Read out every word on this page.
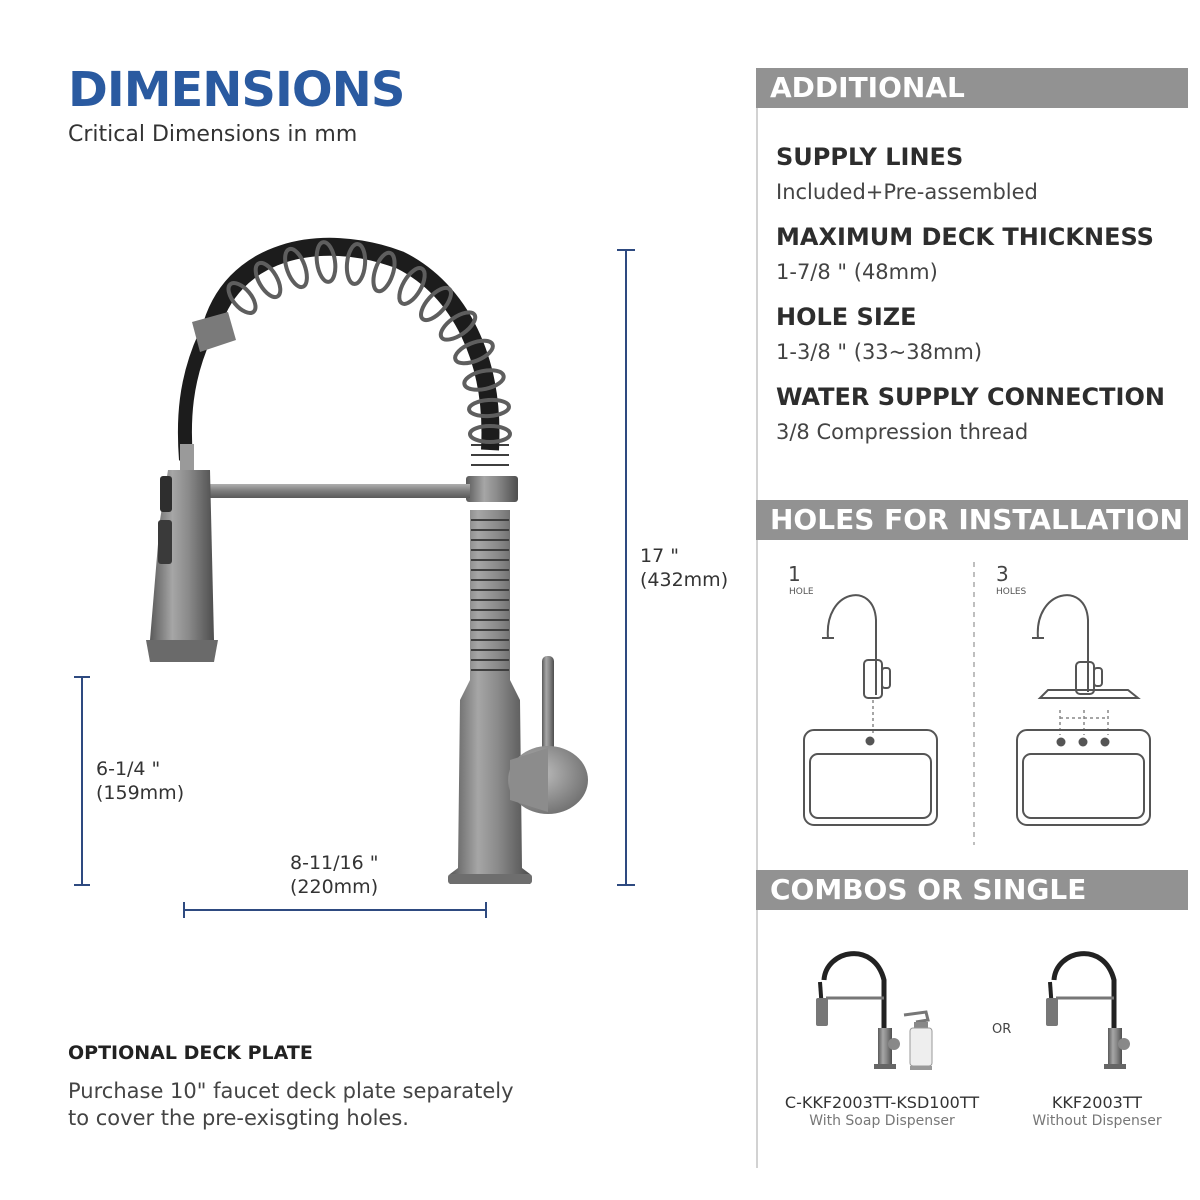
DIMENSIONS
Critical Dimensions in mm
17 "
(432mm)
6-1/4 "
(159mm)
8-11/16 "
(220mm)
OPTIONAL DECK PLATE
Purchase 10" faucet deck plate separately
to cover the pre-exisgting holes.
ADDITIONAL INFORMATION
SUPPLY LINES
Included+Pre-assembled
MAXIMUM DECK THICKNESS
1-7/8 " (48mm)
HOLE SIZE
1-3/8 " (33~38mm)
WATER SUPPLY CONNECTION
3/8 Compression thread
HOLES FOR INSTALLATION
1
HOLE
3
HOLES
COMBOS OR SINGLE
OR
C-KKF2003TT-KSD100TT
With Soap Dispenser
KKF2003TT
Without Dispenser
